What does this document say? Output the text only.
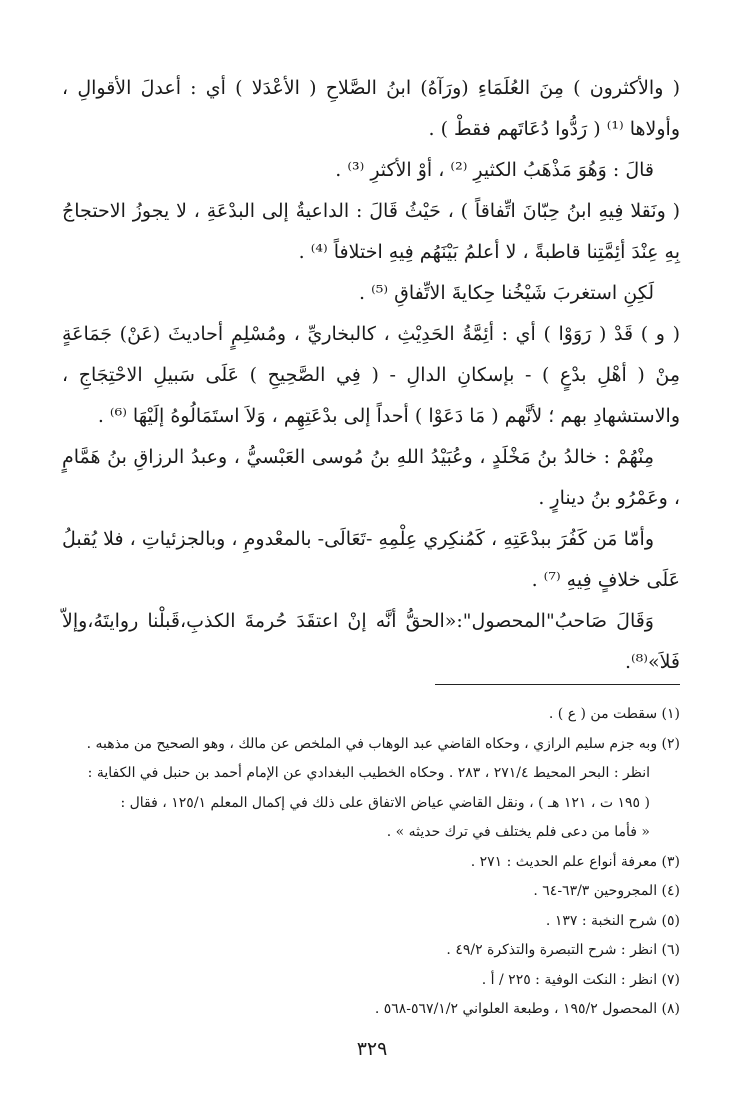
( والأكثرون ) مِنَ العُلَمَاءِ (ورَآهُ) ابنُ الصَّلاحِ ( الأعْدَلا ) أي : أعدلَ الأقوالِ ، وأولاها ⁽¹⁾ ( رَدُّوا دُعَاتَهم فقطْ ) .

قالَ : وَهُوَ مَذْهَبُ الكثيرِ ⁽²⁾ ، أوْ الأكثرِ ⁽³⁾ .

( ونَقلا فِيهِ ابنُ حِبّانَ اتِّفاقاً ) ، حَيْثُ قَالَ : الداعيةُ إلى البدْعَةِ ، لا يجوزُ الاحتجاجُ بِهِ عِنْدَ أئِمَّتِنا قاطبةً ، لا أعلمُ بَيْنَهُم فِيهِ اختلافاً ⁽⁴⁾ .

لَكِنِ استغربَ شَيْخُنا حِكايةَ الاتِّفاقِ ⁽⁵⁾ .

( و ) قَدْ ( رَوَوْا ) أي : أئِمَّةُ الحَدِيْثِ ، كالبخاريِّ ، ومُسْلِمٍ أحاديثَ (عَنْ) جَمَاعَةٍ مِنْ ( أهْلِ بدْعٍ ) - بإسكانِ الدالِ - ( فِي الصَّحِيحِ ) عَلَى سَبيلِ الاحْتِجَاجِ ، والاستشهادِ بهم ؛ لأنَّهم ( مَا دَعَوْا ) أحداً إلى بدْعَتِهِم ، وَلاَ استَمَالُوهُ إلَيْهَا ⁽⁶⁾ .

مِنْهُمْ : خالدُ بنُ مَخْلَدٍ ، وعُبَيْدُ اللهِ بنُ مُوسى العَبْسيُّ ، وعبدُ الرزاقِ بنُ هَمَّامٍ ، وعَمْرُو بنُ دينارٍ .

وأمّا مَن كَفُرَ ببدْعَتِهِ ، كَمُنكِري عِلْمِهِ -تَعَالَى- بالمعْدومِ ، وبالجزئياتِ ، فلا يُقبلُ عَلَى خلافٍ فِيهِ ⁽⁷⁾ .

وَقَالَ صَاحبُ"المحصول":«الحقُّ أنَّه إنْ اعتقَدَ حُرمةَ الكذبِ،قَبلْنا روايتَهُ،وإلاّ فَلاَ»⁽⁸⁾.

(١) سقطت من ( ع ) .

(٢) وبه جزم سليم الرازي ، وحكاه القاضي عبد الوهاب في الملخص عن مالك ، وهو الصحيح من مذهبه .

انظر : البحر المحيط ٢٧١/٤ ، ٢٨٣ . وحكاه الخطيب البغدادي عن الإمام أحمد بن حنبل في الكفاية :

( ١٩٥ ت ، ١٢١ هـ ) ، ونقل القاضي عياض الاتفاق على ذلك في إكمال المعلم ١٢٥/١ ، فقال :

« فأما من دعى فلم يختلف في ترك حديثه » .

(٣) معرفة أنواع علم الحديث : ٢٧١ .

(٤) المجروحين ٦٣/٣-٦٤ .

(٥) شرح النخبة : ١٣٧ .

(٦) انظر : شرح التبصرة والتذكرة ٤٩/٢ .

(٧) انظر : النكت الوفية : ٢٢٥ / أ .

(٨) المحصول ١٩٥/٢ ، وطبعة العلواني ٥٦٧/١/٢-٥٦٨ .

٣٢٩
